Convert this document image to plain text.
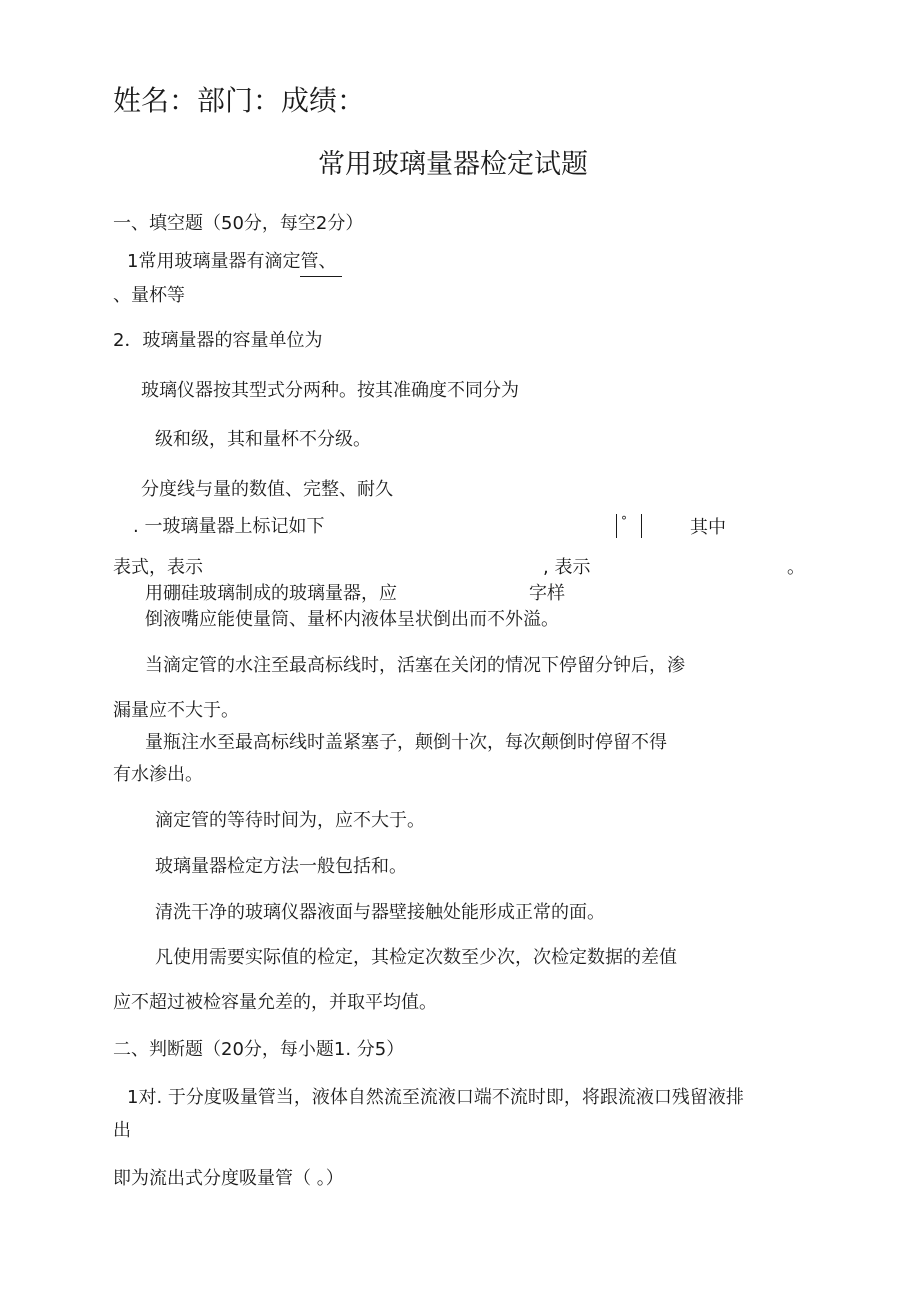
姓名：部门：成绩：
常用玻璃量器检定试题
一、填空题（50分，每空2分）
1常用玻璃量器有滴定管、
、量杯等
2．玻璃量器的容量单位为
玻璃仪器按其型式分两种。按其准确度不同分为
级和级，其和量杯不分级。
分度线与量的数值、完整、耐久
. 一玻璃量器上标记如下	°	其中
表式，表示	, 表示	。
用硼硅玻璃制成的玻璃量器，应	字样
倒液嘴应能使量筒、量杯内液体呈状倒出而不外溢。
当滴定管的水注至最高标线时，活塞在关闭的情况下停留分钟后，渗
漏量应不大于。
量瓶注水至最高标线时盖紧塞子，颠倒十次，每次颠倒时停留不得
有水渗出。
滴定管的等待时间为，应不大于。
玻璃量器检定方法一般包括和。
清洗干净的玻璃仪器液面与器壁接触处能形成正常的面。
凡使用需要实际值的检定，其检定次数至少次，次检定数据的差值
应不超过被检容量允差的，并取平均值。
二、判断题（20分，每小题1. 分5）
1对. 于分度吸量管当，液体自然流至流液口端不流时即，将跟流液口残留液排
出
即为流出式分度吸量管（ 。）
